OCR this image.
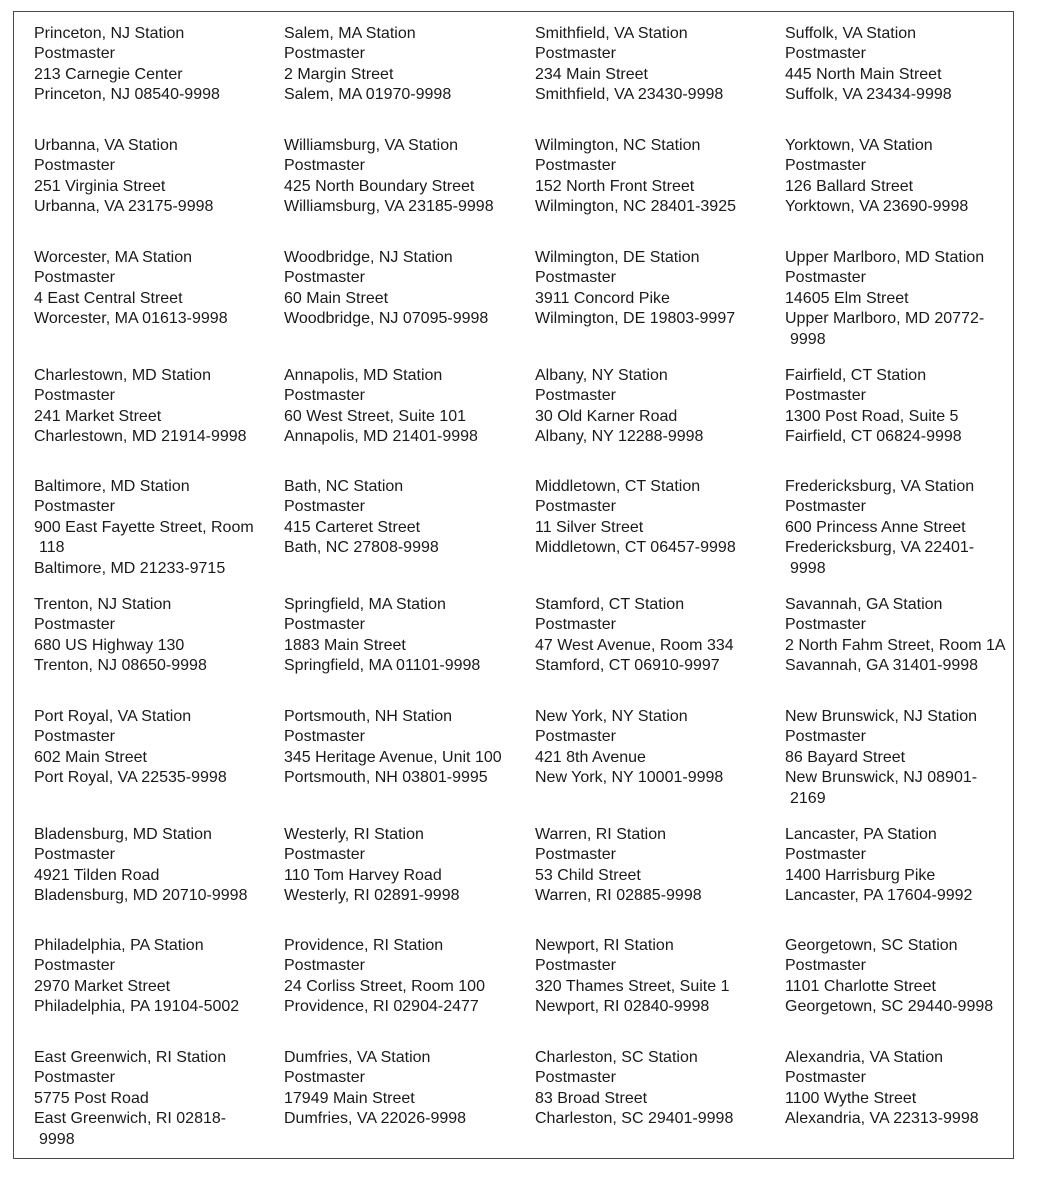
Princeton, NJ Station
Postmaster
213 Carnegie Center
Princeton, NJ 08540-9998
Salem, MA Station
Postmaster
2 Margin Street
Salem, MA 01970-9998
Smithfield, VA Station
Postmaster
234 Main Street
Smithfield, VA 23430-9998
Suffolk, VA Station
Postmaster
445 North Main Street
Suffolk, VA 23434-9998
Urbanna, VA Station
Postmaster
251 Virginia Street
Urbanna, VA 23175-9998
Williamsburg, VA Station
Postmaster
425 North Boundary Street
Williamsburg, VA 23185-9998
Wilmington, NC Station
Postmaster
152 North Front Street
Wilmington, NC 28401-3925
Yorktown, VA Station
Postmaster
126 Ballard Street
Yorktown, VA 23690-9998
Worcester, MA Station
Postmaster
4 East Central Street
Worcester, MA 01613-9998
Woodbridge, NJ Station
Postmaster
60 Main Street
Woodbridge, NJ 07095-9998
Wilmington, DE Station
Postmaster
3911 Concord Pike
Wilmington, DE 19803-9997
Upper Marlboro, MD Station
Postmaster
14605 Elm Street
Upper Marlboro, MD 20772-
9998
Charlestown, MD Station
Postmaster
241 Market Street
Charlestown, MD 21914-9998
Annapolis, MD Station
Postmaster
60 West Street, Suite 101
Annapolis, MD 21401-9998
Albany, NY Station
Postmaster
30 Old Karner Road
Albany, NY 12288-9998
Fairfield, CT Station
Postmaster
1300 Post Road, Suite 5
Fairfield, CT 06824-9998
Baltimore, MD Station
Postmaster
900 East Fayette Street, Room
118
Baltimore, MD 21233-9715
Bath, NC Station
Postmaster
415 Carteret Street
Bath, NC 27808-9998
Middletown, CT Station
Postmaster
11 Silver Street
Middletown, CT 06457-9998
Fredericksburg, VA Station
Postmaster
600 Princess Anne Street
Fredericksburg, VA 22401-
9998
Trenton, NJ Station
Postmaster
680 US Highway 130
Trenton, NJ 08650-9998
Springfield, MA Station
Postmaster
1883 Main Street
Springfield, MA 01101-9998
Stamford, CT Station
Postmaster
47 West Avenue, Room 334
Stamford, CT 06910-9997
Savannah, GA Station
Postmaster
2 North Fahm Street, Room 1A
Savannah, GA 31401-9998
Port Royal, VA Station
Postmaster
602 Main Street
Port Royal, VA 22535-9998
Portsmouth, NH Station
Postmaster
345 Heritage Avenue, Unit 100
Portsmouth, NH 03801-9995
New York, NY Station
Postmaster
421 8th Avenue
New York, NY 10001-9998
New Brunswick, NJ Station
Postmaster
86 Bayard Street
New Brunswick, NJ 08901-
2169
Bladensburg, MD Station
Postmaster
4921 Tilden Road
Bladensburg, MD 20710-9998
Westerly, RI Station
Postmaster
110 Tom Harvey Road
Westerly, RI 02891-9998
Warren, RI Station
Postmaster
53 Child Street
Warren, RI 02885-9998
Lancaster, PA Station
Postmaster
1400 Harrisburg Pike
Lancaster, PA 17604-9992
Philadelphia, PA Station
Postmaster
2970 Market Street
Philadelphia, PA 19104-5002
Providence, RI Station
Postmaster
24 Corliss Street, Room 100
Providence, RI 02904-2477
Newport, RI Station
Postmaster
320 Thames Street, Suite 1
Newport, RI 02840-9998
Georgetown, SC Station
Postmaster
1101 Charlotte Street
Georgetown, SC 29440-9998
East Greenwich, RI Station
Postmaster
5775 Post Road
East Greenwich, RI 02818-
9998
Dumfries, VA Station
Postmaster
17949 Main Street
Dumfries, VA 22026-9998
Charleston, SC Station
Postmaster
83 Broad Street
Charleston, SC 29401-9998
Alexandria, VA Station
Postmaster
1100 Wythe Street
Alexandria, VA 22313-9998
